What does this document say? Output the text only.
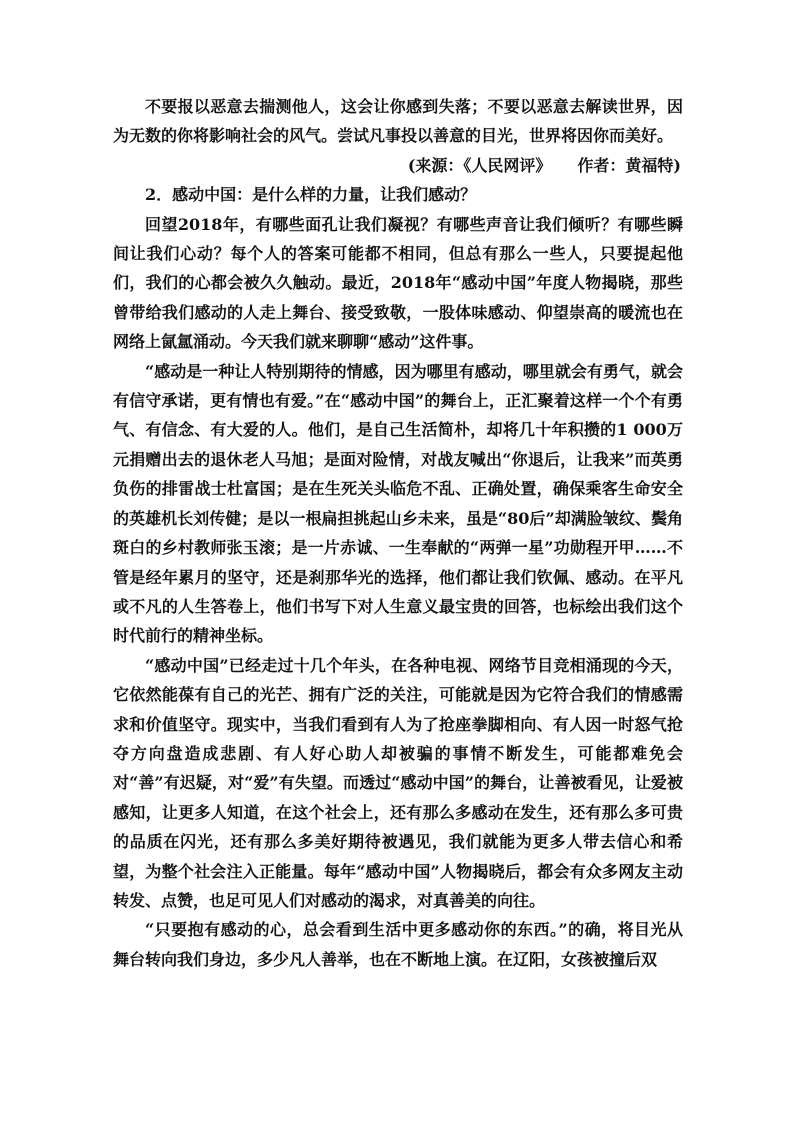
不要报以恶意去揣测他人，这会让你感到失落；不要以恶意去解读世界，因为无数的你将影响社会的风气。尝试凡事投以善意的目光，世界将因你而美好。

(来源：《人民网评》 作者：黄福特)

2．感动中国：是什么样的力量，让我们感动？

回望2018年，有哪些面孔让我们凝视？有哪些声音让我们倾听？有哪些瞬间让我们心动？每个人的答案可能都不相同，但总有那么一些人，只要提起他们，我们的心都会被久久触动。最近，2018年“感动中国”年度人物揭晓，那些曾带给我们感动的人走上舞台、接受致敬，一股体味感动、仰望崇高的暖流也在网络上氤氲涌动。今天我们就来聊聊“感动”这件事。

“感动是一种让人特别期待的情感，因为哪里有感动，哪里就会有勇气，就会有信守承诺，更有情也有爱。”在“感动中国”的舞台上，正汇聚着这样一个个有勇气、有信念、有大爱的人。他们，是自己生活简朴，却将几十年积攒的1 000万元捐赠出去的退休老人马旭；是面对险情，对战友喊出“你退后，让我来”而英勇负伤的排雷战士杜富国；是在生死关头临危不乱、正确处置，确保乘客生命安全的英雄机长刘传健；是以一根扁担挑起山乡未来，虽是“80后”却满脸皱纹、鬓角斑白的乡村教师张玉滚；是一片赤诚、一生奉献的“两弹一星”功勋程开甲……不管是经年累月的坚守，还是刹那华光的选择，他们都让我们钦佩、感动。在平凡或不凡的人生答卷上，他们书写下对人生意义最宝贵的回答，也标绘出我们这个时代前行的精神坐标。

“感动中国”已经走过十几个年头，在各种电视、网络节目竞相涌现的今天，它依然能葆有自己的光芒、拥有广泛的关注，可能就是因为它符合我们的情感需求和价值坚守。现实中，当我们看到有人为了抢座拳脚相向、有人因一时怒气抢夺方向盘造成悲剧、有人好心助人却被骗的事情不断发生，可能都难免会对“善”有迟疑，对“爱”有失望。而透过“感动中国”的舞台，让善被看见，让爱被感知，让更多人知道，在这个社会上，还有那么多感动在发生，还有那么多可贵的品质在闪光，还有那么多美好期待被遇见，我们就能为更多人带去信心和希望，为整个社会注入正能量。每年“感动中国”人物揭晓后，都会有众多网友主动转发、点赞，也足可见人们对感动的渴求，对真善美的向往。

“只要抱有感动的心，总会看到生活中更多感动你的东西。”的确，将目光从舞台转向我们身边，多少凡人善举，也在不断地上演。在辽阳，女孩被撞后双
